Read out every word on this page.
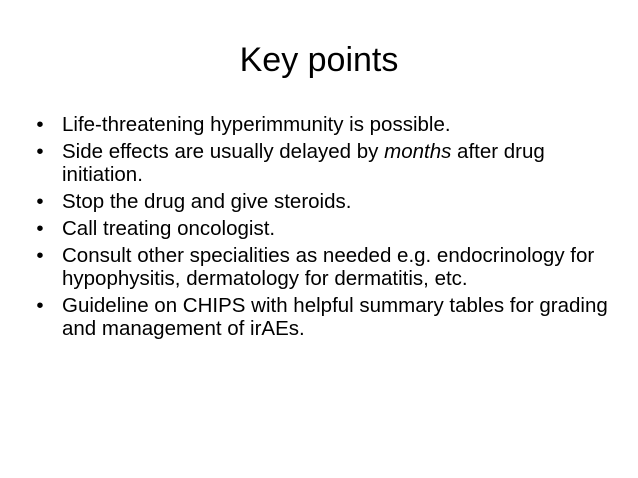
Key points
• Life-threatening hyperimmunity is possible.
• Side effects are usually delayed by months after drug initiation.
• Stop the drug and give steroids.
• Call treating oncologist.
• Consult other specialities as needed e.g. endocrinology for hypophysitis, dermatology for dermatitis, etc.
• Guideline on CHIPS with helpful summary tables for grading and management of irAEs.
